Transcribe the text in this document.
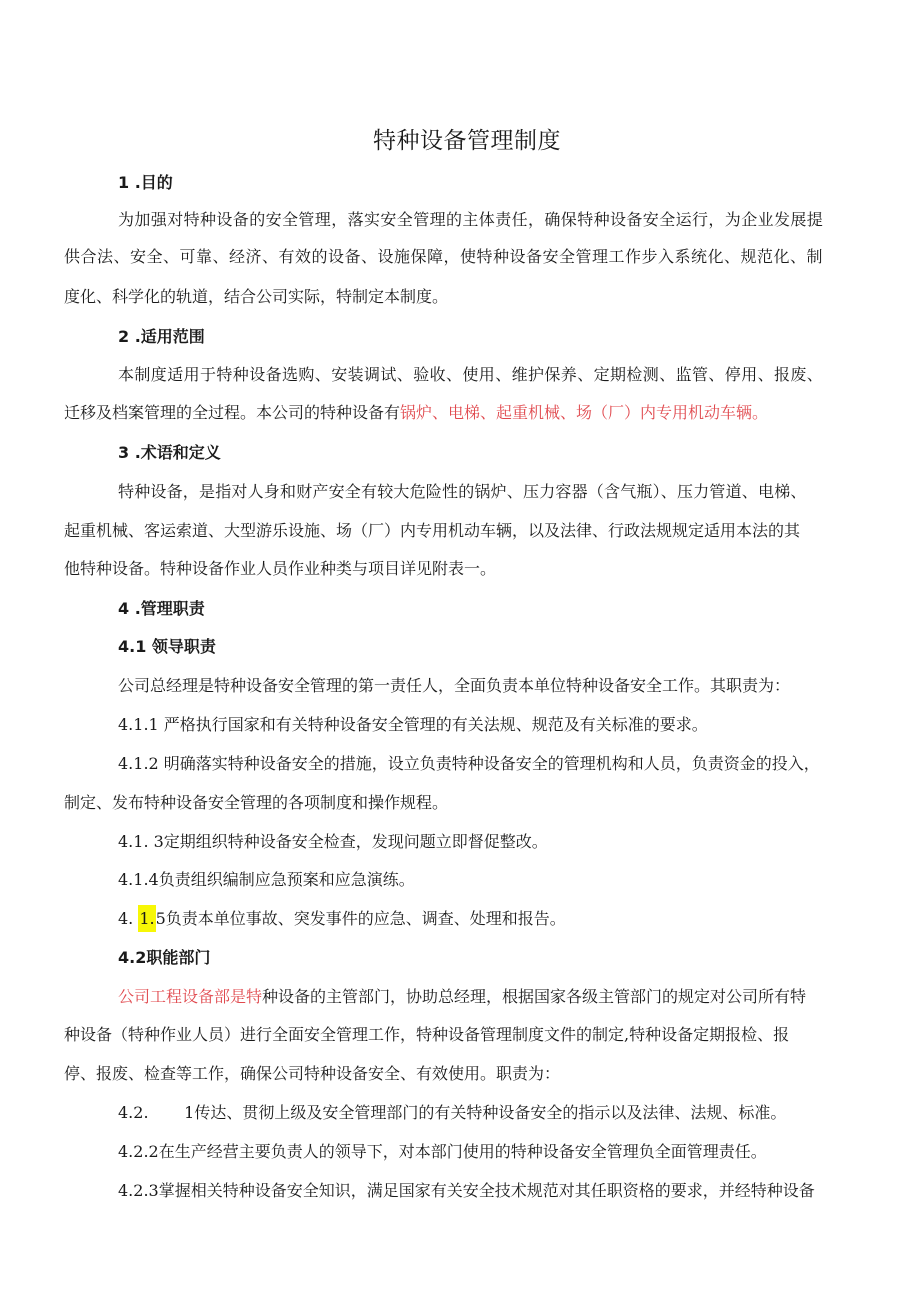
特种设备管理制度
1 .目的
为加强对特种设备的安全管理，落实安全管理的主体责任，确保特种设备安全运行，为企业发展提
供合法、安全、可靠、经济、有效的设备、设施保障，使特种设备安全管理工作步入系统化、规范化、制
度化、科学化的轨道，结合公司实际，特制定本制度。
2 .适用范围
本制度适用于特种设备选购、安装调试、验收、使用、维护保养、定期检测、监管、停用、报废、
迁移及档案管理的全过程。本公司的特种设备有锅炉、电梯、起重机械、场（厂）内专用机动车辆。
3 .术语和定义
特种设备，是指对人身和财产安全有较大危险性的锅炉、压力容器（含气瓶）、压力管道、电梯、
起重机械、客运索道、大型游乐设施、场（厂）内专用机动车辆，以及法律、行政法规规定适用本法的其
他特种设备。特种设备作业人员作业种类与项目详见附表一。
4 .管理职责
4.1 领导职责
公司总经理是特种设备安全管理的第一责任人，全面负责本单位特种设备安全工作。其职责为：
4.1.1 严格执行国家和有关特种设备安全管理的有关法规、规范及有关标准的要求。
4.1.2 明确落实特种设备安全的措施，设立负责特种设备安全的管理机构和人员，负责资金的投入，
制定、发布特种设备安全管理的各项制度和操作规程。
4.1. 3定期组织特种设备安全检查，发现问题立即督促整改。
4.1.4负责组织编制应急预案和应急演练。
4. 1.5负责本单位事故、突发事件的应急、调查、处理和报告。
4.2职能部门
公司工程设备部是特种设备的主管部门，协助总经理，根据国家各级主管部门的规定对公司所有特
种设备（特种作业人员）进行全面安全管理工作，特种设备管理制度文件的制定,特种设备定期报检、报
停、报废、检查等工作，确保公司特种设备安全、有效使用。职责为：
4.2.       1传达、贯彻上级及安全管理部门的有关特种设备安全的指示以及法律、法规、标准。
4.2.2在生产经营主要负责人的领导下，对本部门使用的特种设备安全管理负全面管理责任。
4.2.3掌握相关特种设备安全知识，满足国家有关安全技术规范对其任职资格的要求，并经特种设备
